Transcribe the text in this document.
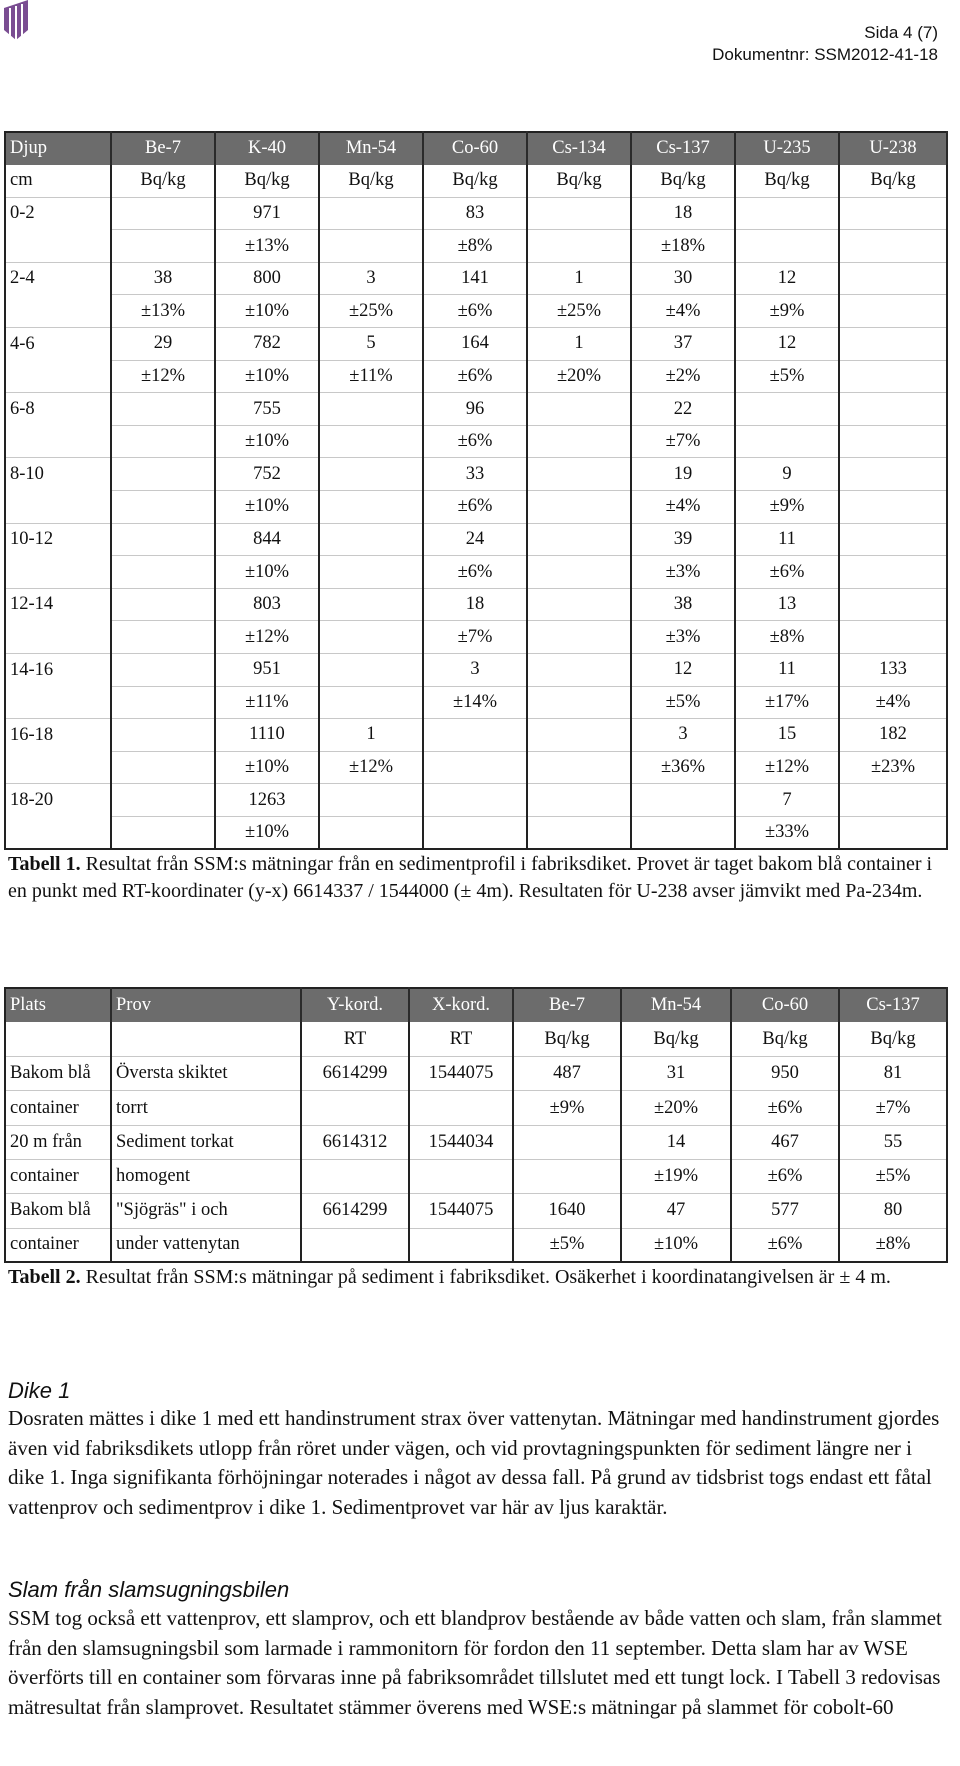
Sida 4 (7)
Dokumentnr: SSM2012-41-18
Djup	Be-7	K-40	Mn-54	Co-60	Cs-134	Cs-137	U-235	U-238
cm	Bq/kg	Bq/kg	Bq/kg	Bq/kg	Bq/kg	Bq/kg	Bq/kg	Bq/kg
0-2		971		83		18		
		±13%		±8%		±18%		
2-4	38	800	3	141	1	30	12	
	±13%	±10%	±25%	±6%	±25%	±4%	±9%	
4-6	29	782	5	164	1	37	12	
	±12%	±10%	±11%	±6%	±20%	±2%	±5%	
6-8		755		96		22		
		±10%		±6%		±7%		
8-10		752		33		19	9	
		±10%		±6%		±4%	±9%	
10-12		844		24		39	11	
		±10%		±6%		±3%	±6%	
12-14		803		18		38	13	
		±12%		±7%		±3%	±8%	
14-16		951		3		12	11	133
		±11%		±14%		±5%	±17%	±4%
16-18		1110	1			3	15	182
		±10%	±12%			±36%	±12%	±23%
18-20		1263					7	
		±10%					±33%	
Tabell 1. Resultat från SSM:s mätningar från en sedimentprofil i fabriksdiket. Provet är taget bakom blå container i en punkt med RT-koordinater (y-x) 6614337 / 1544000 (± 4m). Resultaten för U-238 avser jämvikt med Pa-234m.
Plats	Prov	Y-kord.	X-kord.	Be-7	Mn-54	Co-60	Cs-137
		RT	RT	Bq/kg	Bq/kg	Bq/kg	Bq/kg
Bakom blå	Översta skiktet	6614299	1544075	487	31	950	81
container	torrt			±9%	±20%	±6%	±7%
20 m från	Sediment torkat	6614312	1544034		14	467	55
container	homogent				±19%	±6%	±5%
Bakom blå	"Sjögräs" i och	6614299	1544075	1640	47	577	80
container	under vattenytan			±5%	±10%	±6%	±8%
Tabell 2. Resultat från SSM:s mätningar på sediment i fabriksdiket. Osäkerhet i koordinatangivelsen är ± 4 m.
Dike 1

Dosraten mättes i dike 1 med ett handinstrument strax över vattenytan. Mätningar med handinstrument gjordes även vid fabriksdikets utlopp från röret under vägen, och vid provtagningspunkten för sediment längre ner i dike 1. Inga signifikanta förhöjningar noterades i något av dessa fall. På grund av tidsbrist togs endast ett fåtal vattenprov och sedimentprov i dike 1. Sedimentprovet var här av ljus karaktär.

Slam från slamsugningsbilen

SSM tog också ett vattenprov, ett slamprov, och ett blandprov bestående av både vatten och slam, från slammet från den slamsugningsbil som larmade i rammonitorn för fordon den 11 september. Detta slam har av WSE överförts till en container som förvaras inne på fabriksområdet tillslutet med ett tungt lock. I Tabell 3 redovisas mätresultat från slamprovet. Resultatet stämmer överens med WSE:s mätningar på slammet för cobolt-60
